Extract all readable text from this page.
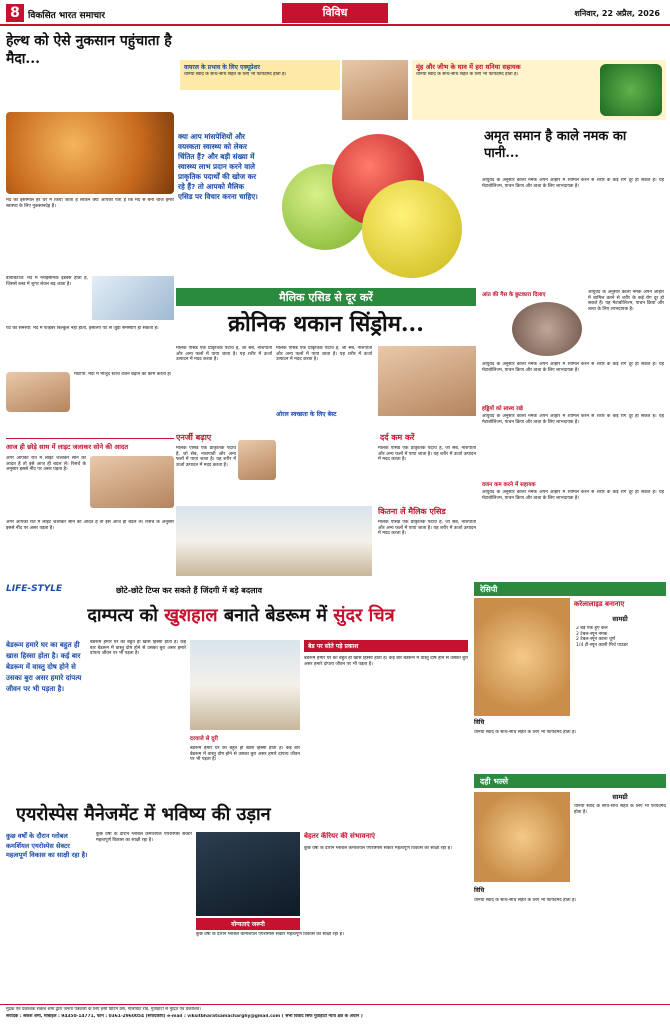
8 विकसित भारत समाचार	विविध	शनिवार, 22 अप्रैल, 2026
हेल्थ को ऐसे नुकसान पहुंचाता है मैदा...
मैदे का इस्तेमाल हर घर में किया जाता है लेकिन क्या आपको पता है कि मैदे से बनी चीजें हमारे स्वास्थ्य के लिए नुकसानदेह हैं।
डायबिटीज: मैदे में ग्लाइसेमिक इंडेक्स होता है, जिससे ब्लड में शुगर लेवल बढ़ जाता है।
पेट की समस्या: मैदे में फाइबर बिल्कुल नहीं होता, इसलिए पेट से जुड़ी समस्याएं हो सकती हैं।
मोटापा: मैदा में मौजूद स्टार्च वजन बढ़ाने का काम करता है।
आज ही छोड़े साथ में लाइट जलाकर सोने की आदत
अगर आपको रात में लाइट जलाकर सोने की आदत है तो इसे आज ही बदल लें। रिसर्च के अनुसार इससे नींद पर असर पड़ता है।
अगर आपको रात में लाइट जलाकर सोने की आदत है तो इसे आज ही बदल लें। रिसर्च के अनुसार इससे नींद पर असर पड़ता है।
वायरल के प्रभाव के लिए एक्यूप्रेशर
धनिया स्वाद के साथ-साथ सेहत के लिए भी फायदेमंद होता है।
मुंह और जीभ के घाव में हरा धनिया सहायक
धनिया स्वाद के साथ-साथ सेहत के लिए भी फायदेमंद होता है।
क्या आप मांसपेशियों और वयस्कता स्वास्थ्य को लेकर चिंतित हैं? और बड़ी संख्या में स्वास्थ्य लाभ प्रदान करने वाले प्राकृतिक पदार्थों की खोज कर रहे हैं? तो आपको मैलिक एसिड पर विचार करना चाहिए।
अमृत समान है काले नमक का पानी...
आयुर्वेद के अनुसार काला नमक अपने आहार में शामिल करने से शरीर के कई रोग दूर हो सकते हैं। यह मेटाबोलिज्म, पाचन क्रिया और त्वचा के लिए लाभदायक है।
आंत की गैस के छुटकारा दिलाए	आयुर्वेद के अनुसार काला नमक अपने आहार में शामिल करने से शरीर के कई रोग दूर हो सकते हैं। यह मेटाबोलिज्म, पाचन क्रिया और त्वचा के लिए लाभदायक है।
आयुर्वेद के अनुसार काला नमक अपने आहार में शामिल करने से शरीर के कई रोग दूर हो सकते हैं। यह मेटाबोलिज्म, पाचन क्रिया और त्वचा के लिए लाभदायक है।
हड्डियों को स्वस्थ रखे
आयुर्वेद के अनुसार काला नमक अपने आहार में शामिल करने से शरीर के कई रोग दूर हो सकते हैं। यह मेटाबोलिज्म, पाचन क्रिया और त्वचा के लिए लाभदायक है।
वजन कम करने में सहायक
आयुर्वेद के अनुसार काला नमक अपने आहार में शामिल करने से शरीर के कई रोग दूर हो सकते हैं। यह मेटाबोलिज्म, पाचन क्रिया और त्वचा के लिए लाभदायक है।
मैलिक एसिड से दूर करें
क्रोनिक थकान सिंड्रोम...
मैलिक एसिड एक प्राकृतिक पदार्थ है, जो सेब, नाशपाती और अन्य फलों में पाया जाता है। यह शरीर में ऊर्जा उत्पादन में मदद करता है।
मैलिक एसिड एक प्राकृतिक पदार्थ है, जो सेब, नाशपाती और अन्य फलों में पाया जाता है। यह शरीर में ऊर्जा उत्पादन में मदद करता है।
ओरल स्वच्छता के लिए बेस्ट
दर्द कम करें
मैलिक एसिड एक प्राकृतिक पदार्थ है, जो सेब, नाशपाती और अन्य फलों में पाया जाता है। यह शरीर में ऊर्जा उत्पादन में मदद करता है।
एनर्जी बढ़ाए
मैलिक एसिड एक प्राकृतिक पदार्थ है, जो सेब, नाशपाती और अन्य फलों में पाया जाता है। यह शरीर में ऊर्जा उत्पादन में मदद करता है।
कितना लें मैलिक एसिड
मैलिक एसिड एक प्राकृतिक पदार्थ है, जो सेब, नाशपाती और अन्य फलों में पाया जाता है। यह शरीर में ऊर्जा उत्पादन में मदद करता है।
LIFE-STYLE	छोटे-छोटे टिप्स कर सकते हैं जिंदगी में बड़े बदलाव
दाम्पत्य को खुशहाल बनाते बेडरूम में सुंदर चित्र
बेडरूम हमारे घर का बहुत ही खास हिस्सा होता है। कई बार बेडरूम में वास्तु दोष होने से उसका बुरा असर हमारे दांपत्य जीवन पर भी पड़ता है।
बेडरूम हमारे घर का बहुत ही खास हिस्सा होता है। कई बार बेडरूम में वास्तु दोष होने से उसका बुरा असर हमारे दांपत्य जीवन पर भी पड़ता है।
दरवाजे से दूरी
बेडरूम हमारे घर का बहुत ही खास हिस्सा होता है। कई बार बेडरूम में वास्तु दोष होने से उसका बुरा असर हमारे दांपत्य जीवन पर भी पड़ता है।
बेड पर सोते पड़े प्रकाश
बेडरूम हमारे घर का बहुत ही खास हिस्सा होता है। कई बार बेडरूम में वास्तु दोष होने से उसका बुरा असर हमारे दांपत्य जीवन पर भी पड़ता है।
रेसिपी
करेलालाइड बनानाए
सामग्री
2 बड़े पके हुए केले
2 टेबल-स्पून नमक
2 टेबल-स्पून काला चूर्ण
1/4 टी-स्पून काली मिर्च पाउडर
विधि
धनिया स्वाद के साथ-साथ सेहत के लिए भी फायदेमंद होता है।
दही भल्ले
सामग्री
धनिया स्वाद के साथ-साथ सेहत के लिए भी फायदेमंद होता है।
विधि
धनिया स्वाद के साथ-साथ सेहत के लिए भी फायदेमंद होता है।
एयरोस्पेस मैनेजमेंट में भविष्य की उड़ान
कुछ वर्षों के दौरान ग्लोबल कमर्शियल एयरोस्पेस सेक्टर महत्वपूर्ण विकास का साक्षी रहा है।
कुछ वर्षों के दौरान ग्लोबल कमर्शियल एयरोस्पेस सेक्टर महत्वपूर्ण विकास का साक्षी रहा है।
योग्यताएं जरूरी
कुछ वर्षों के दौरान ग्लोबल कमर्शियल एयरोस्पेस सेक्टर महत्वपूर्ण विकास का साक्षी रहा है।
बेहतर कॅरियर की संभावनाएं
कुछ वर्षों के दौरान ग्लोबल कमर्शियल एयरोस्पेस सेक्टर महत्वपूर्ण विकास का साक्षी रहा है।
मुद्रक एवं प्रकाशक सकेश शर्मा द्वारा जनता पत्रकारी के लिए हंसी प्रिंटिंग प्रेस, गोलाघाट रोड, गुवाहाटी से मुद्रित एवं प्रकाशित।
संपादक : सकेश शर्मा, मोबाइल : 94350-14771, फोन : 0361-2960054 (संपादकीय) e-mail : viksitbharatsamacharghy@gmail.com ( सभी विवाद सिर्फ गुवाहाटी न्याय क्षेत्र के अधीन )
